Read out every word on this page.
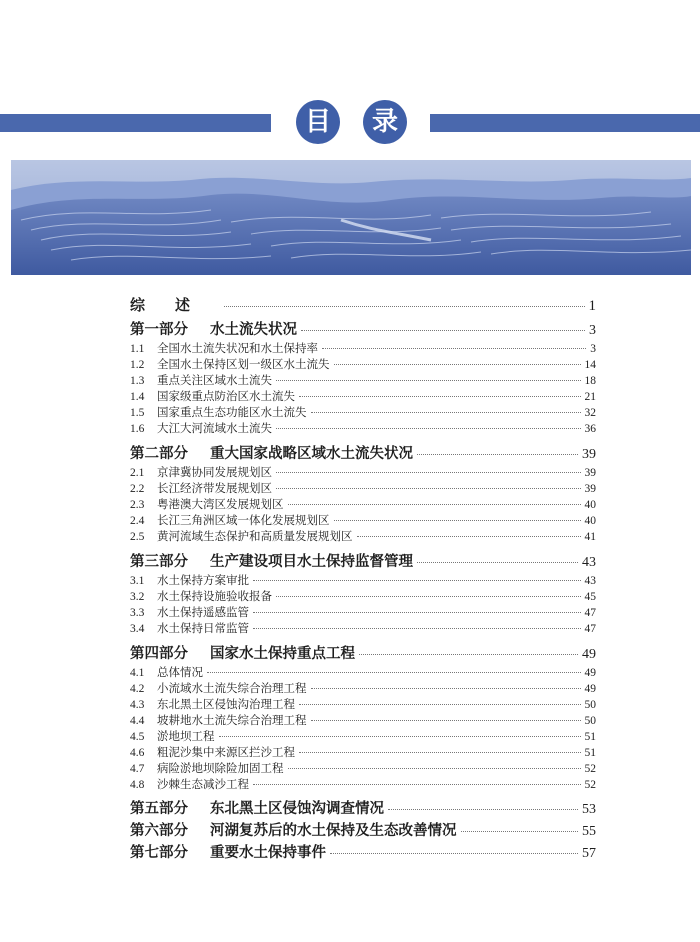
目	录
综述	1
第一部分	水土流失状况	3
1.1	全国水土流失状况和水土保持率	3
1.2	全国水土保持区划一级区水土流失	14
1.3	重点关注区域水土流失	18
1.4	国家级重点防治区水土流失	21
1.5	国家重点生态功能区水土流失	32
1.6	大江大河流域水土流失	36
第二部分	重大国家战略区域水土流失状况	39
2.1	京津冀协同发展规划区	39
2.2	长江经济带发展规划区	39
2.3	粤港澳大湾区发展规划区	40
2.4	长江三角洲区域一体化发展规划区	40
2.5	黄河流域生态保护和高质量发展规划区	41
第三部分	生产建设项目水土保持监督管理	43
3.1	水土保持方案审批	43
3.2	水土保持设施验收报备	45
3.3	水土保持遥感监管	47
3.4	水土保持日常监管	47
第四部分	国家水土保持重点工程	49
4.1	总体情况	49
4.2	小流域水土流失综合治理工程	49
4.3	东北黑土区侵蚀沟治理工程	50
4.4	坡耕地水土流失综合治理工程	50
4.5	淤地坝工程	51
4.6	粗泥沙集中来源区拦沙工程	51
4.7	病险淤地坝除险加固工程	52
4.8	沙棘生态减沙工程	52
第五部分	东北黑土区侵蚀沟调查情况	53
第六部分	河湖复苏后的水土保持及生态改善情况	55
第七部分	重要水土保持事件	57
